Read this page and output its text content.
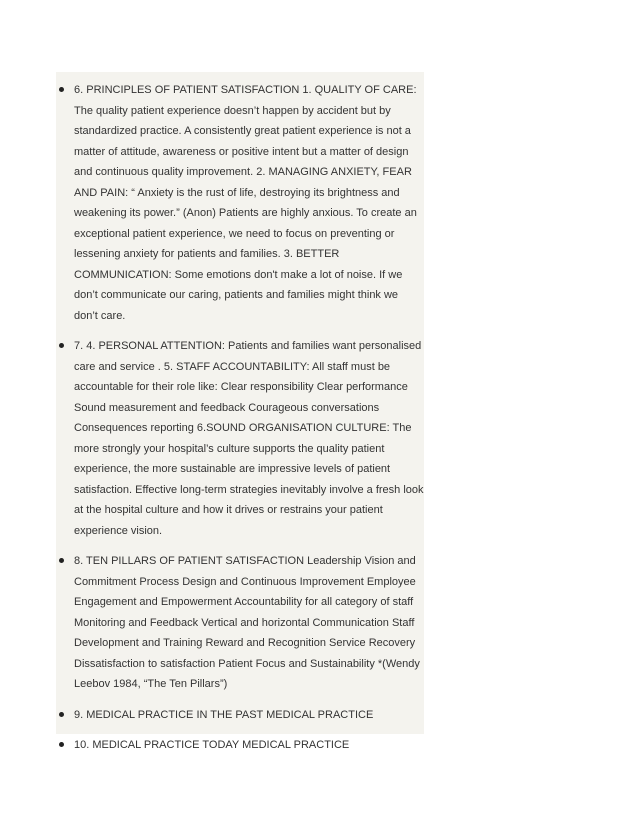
6. PRINCIPLES OF PATIENT SATISFACTION 1. QUALITY OF CARE: The quality patient experience doesn’t happen by accident but by standardized practice. A consistently great patient experience is not a matter of attitude, awareness or positive intent but a matter of design and continuous quality improvement. 2. MANAGING ANXIETY, FEAR AND PAIN: “ Anxiety is the rust of life, destroying its brightness and weakening its power.” (Anon) Patients are highly anxious. To create an exceptional patient experience, we need to focus on preventing or lessening anxiety for patients and families. 3. BETTER COMMUNICATION: Some emotions don't make a lot of noise. If we don’t communicate our caring, patients and families might think we don’t care.
7. 4. PERSONAL ATTENTION: Patients and families want personalised care and service . 5. STAFF ACCOUNTABILITY: All staff must be accountable for their role like: Clear responsibility Clear performance Sound measurement and feedback Courageous conversations Consequences reporting 6.SOUND ORGANISATION CULTURE: The more strongly your hospital’s culture supports the quality patient experience, the more sustainable are impressive levels of patient satisfaction. Effective long-term strategies inevitably involve a fresh look at the hospital culture and how it drives or restrains your patient experience vision.
8. TEN PILLARS OF PATIENT SATISFACTION Leadership Vision and Commitment Process Design and Continuous Improvement Employee Engagement and Empowerment Accountability for all category of staff Monitoring and Feedback Vertical and horizontal Communication Staff Development and Training Reward and Recognition Service Recovery Dissatisfaction to satisfaction Patient Focus and Sustainability *(Wendy Leebov 1984, “The Ten Pillars”)
9. MEDICAL PRACTICE IN THE PAST MEDICAL PRACTICE
10. MEDICAL PRACTICE TODAY MEDICAL PRACTICE
